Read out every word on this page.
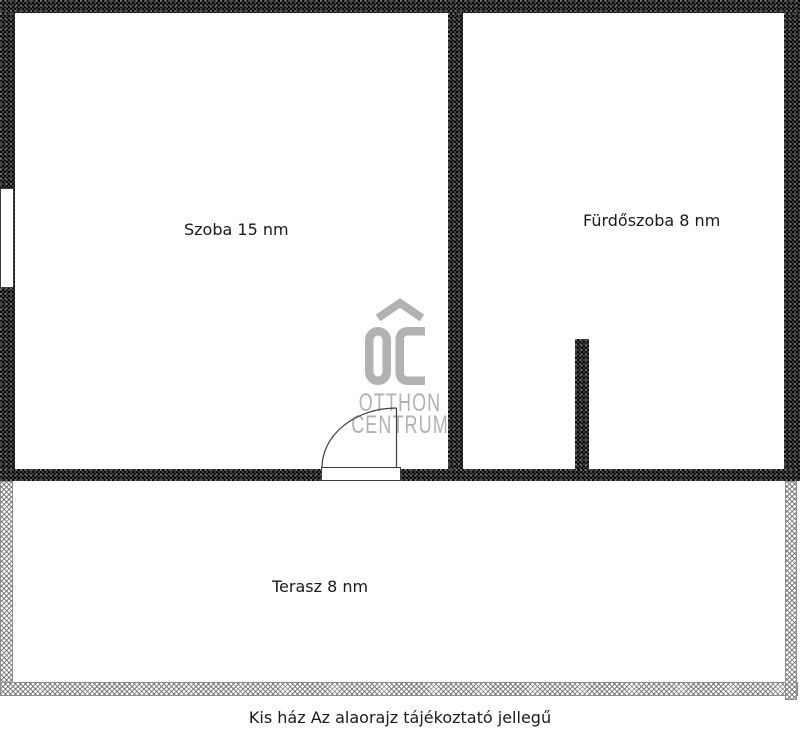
OTTHON
CENTRUM
Szoba 15 nm	Fürdőszoba 8 nm
Terasz 8 nm
Kis ház Az alaorajz tájékoztató jellegű
